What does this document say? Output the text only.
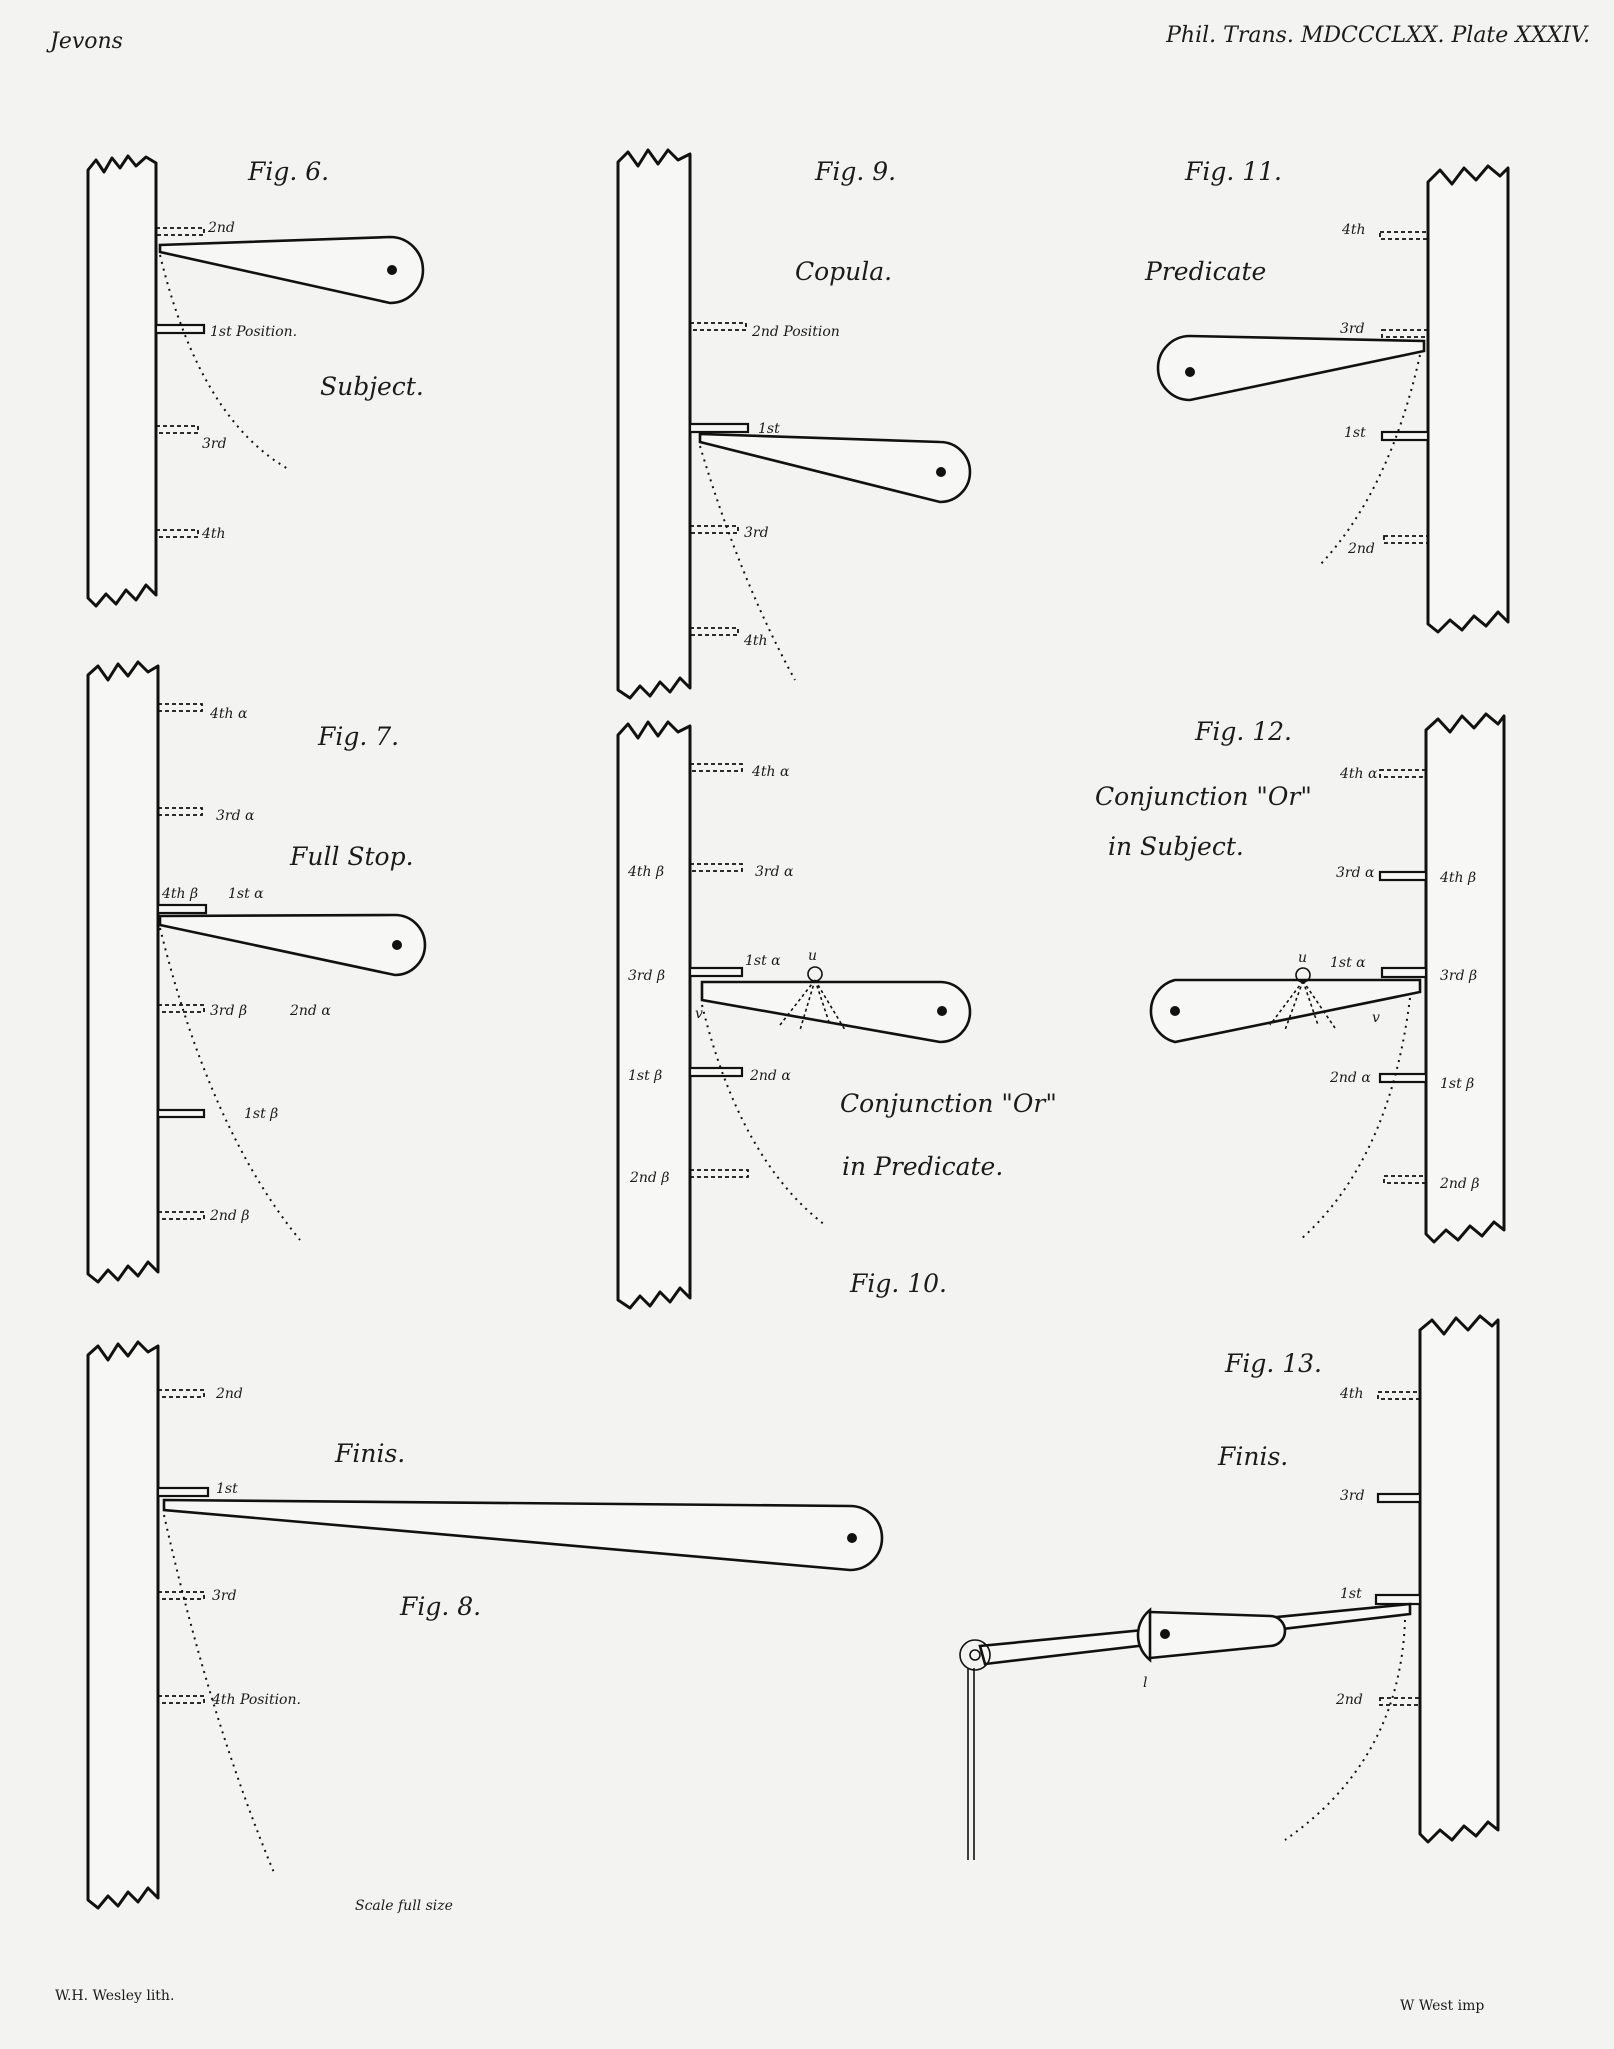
Jevons	Phil. Trans. MDCCCLXX. Plate XXXIV.
Scale full size
W.H. Wesley lith.
W West imp
Fig. 6.
Subject.
2nd
1st Position.
3rd
4th
Fig. 7.
Full Stop.
4th α
3rd α
4th β 1st α
3rd β	2nd α
1st β
2nd β
Fig. 8.
Finis.
2nd
1st
3rd
4th Position.
Fig. 9.
Copula.
2nd Position
1st
3rd
4th
Fig. 10.
Conjunction "Or"
in Predicate.
4th α
4th β	3rd α
3rd β
1st α u
v
1st β	2nd α
2nd β
Fig. 11.
Predicate
4th
3rd
1st
2nd
Fig. 12.
Conjunction "Or"
in Subject.
4th α
3rd α	4th β
u 1st α
3rd β
v
2nd α	1st β
2nd β
Fig. 13.
Finis.
4th
3rd
1st
2nd
l
